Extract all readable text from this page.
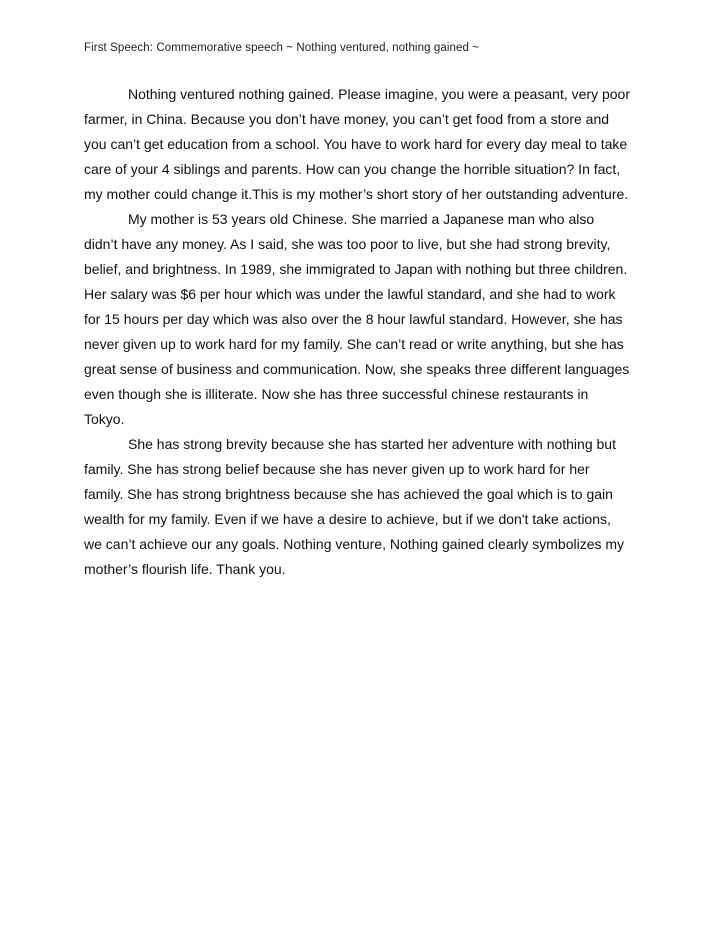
First Speech: Commemorative speech ~ Nothing ventured, nothing gained ~
Nothing ventured nothing gained. Please imagine, you were a peasant, very poor
farmer, in China. Because you don’t have money, you can’t get food from a store and
you can’t get education from a school. You have to work hard for every day meal to take
care of your 4 siblings and parents. How can you change the horrible situation? In fact,
my mother could change it.This is my mother’s short story of her outstanding adventure.
My mother is 53 years old Chinese. She married a Japanese man who also
didn’t have any money. As I said, she was too poor to live, but she had strong brevity,
belief, and brightness. In 1989, she immigrated to Japan with nothing but three children.
Her salary was $6 per hour which was under the lawful standard, and she had to work
for 15 hours per day which was also over the 8 hour lawful standard. However, she has
never given up to work hard for my family. She can’t read or write anything, but she has
great sense of business and communication. Now, she speaks three different languages
even though she is illiterate. Now she has three successful chinese restaurants in
Tokyo.
She has strong brevity because she has started her adventure with nothing but
family. She has strong belief because she has never given up to work hard for her
family. She has strong brightness because she has achieved the goal which is to gain
wealth for my family. Even if we have a desire to achieve, but if we don't take actions,
we can’t achieve our any goals. Nothing venture, Nothing gained clearly symbolizes my
mother’s flourish life. Thank you.
